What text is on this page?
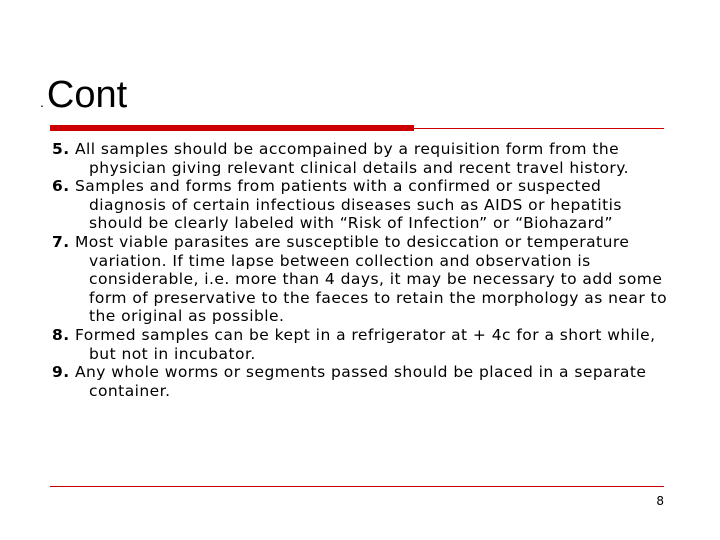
.Cont

5. All samples should be accompained by a requisition form from the physician giving relevant clinical details and recent travel history.

6. Samples and forms from patients with a confirmed or suspected diagnosis of certain infectious diseases such as AIDS or hepatitis should be clearly labeled with “Risk of Infection” or “Biohazard”

7. Most viable parasites are susceptible to desiccation or temperature variation. If time lapse between collection and observation is considerable, i.e. more than 4 days, it may be necessary to add some form of preservative to the faeces to retain the morphology as near to the original as possible.

8. Formed samples can be kept in a refrigerator at + 4c for a short while, but not in incubator.

9. Any whole worms or segments passed should be placed in a separate container.

8
